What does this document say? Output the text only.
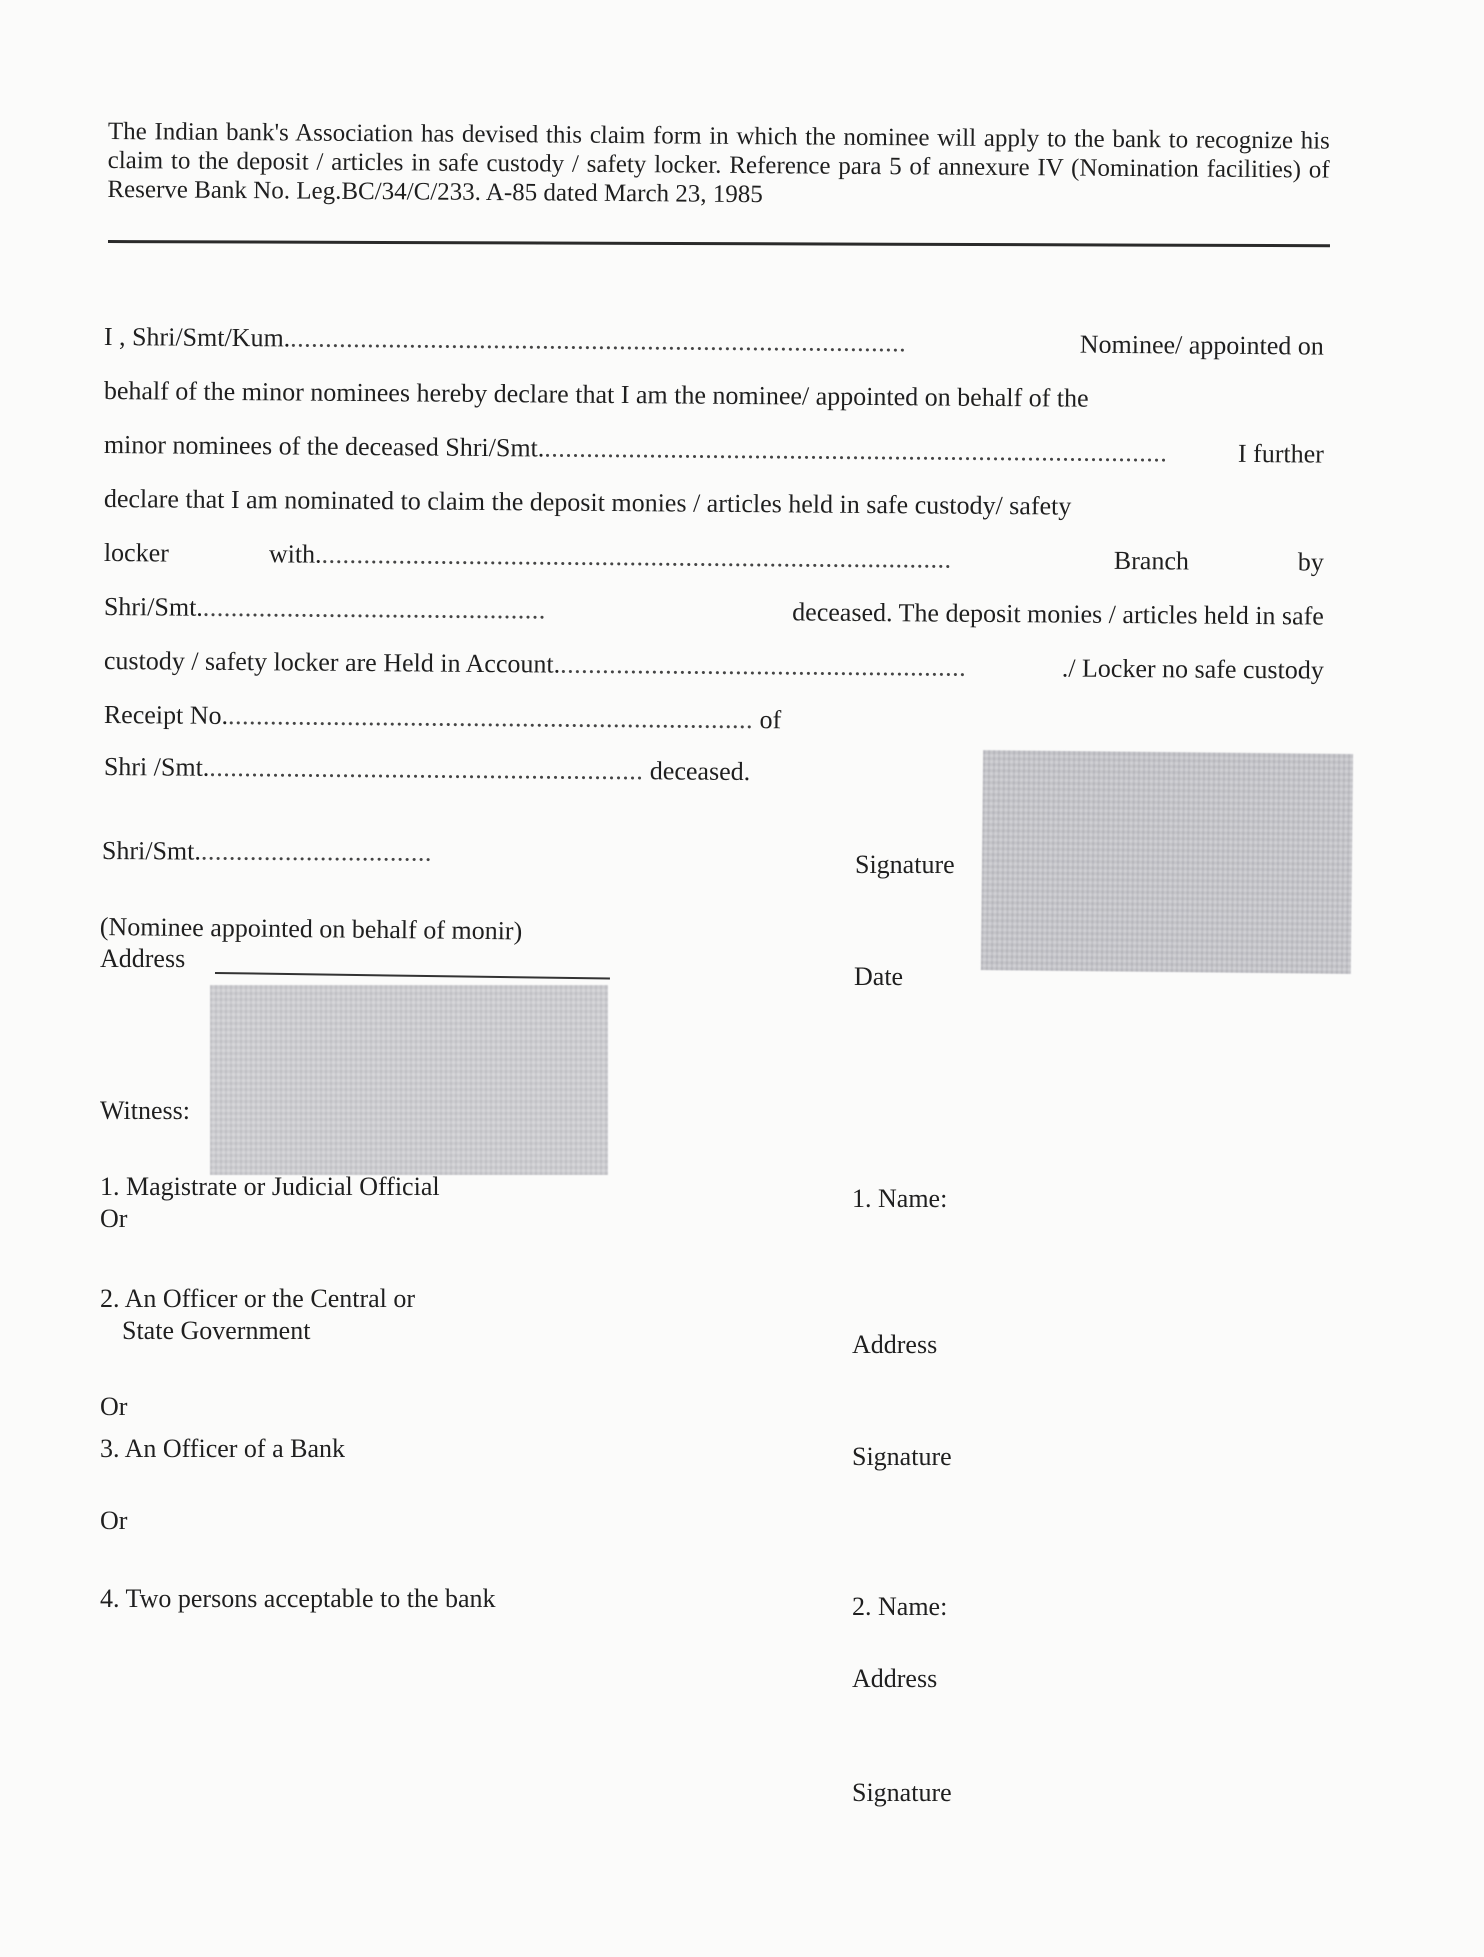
The Indian bank's Association has devised this claim form in which the nominee will apply to the bank to recognize his claim to the deposit / articles in safe custody / safety locker. Reference para 5 of annexure IV (Nomination facilities) of Reserve Bank No. Leg.BC/34/C/233. A-85 dated March 23, 1985

I , Shri/Smt/Kum.........................................................................................	Nominee/ appointed on
behalf of the minor nominees hereby declare that I am the nominee/ appointed on behalf of the
minor nominees of the deceased Shri/Smt..........................................................................................	I further
declare that I am nominated to claim the deposit monies / articles held in safe custody/ safety
locker	with...........................................................................................	Branch	by
Shri/Smt..................................................	deceased. The deposit monies / articles held in safe
custody / safety locker are Held in Account...........................................................	./ Locker no safe custody
Receipt No............................................................................ of
Shri /Smt............................................................... deceased.
Shri/Smt..................................	Signature
(Nominee appointed on behalf of monir)
Address
Date
Witness:
1. Magistrate or Judicial Official
Or
2. An Officer or the Central or
State Government
Or
3. An Officer of a Bank
Or
4. Two persons acceptable to the bank
1. Name:
Address
Signature
2. Name:
Address
Signature
